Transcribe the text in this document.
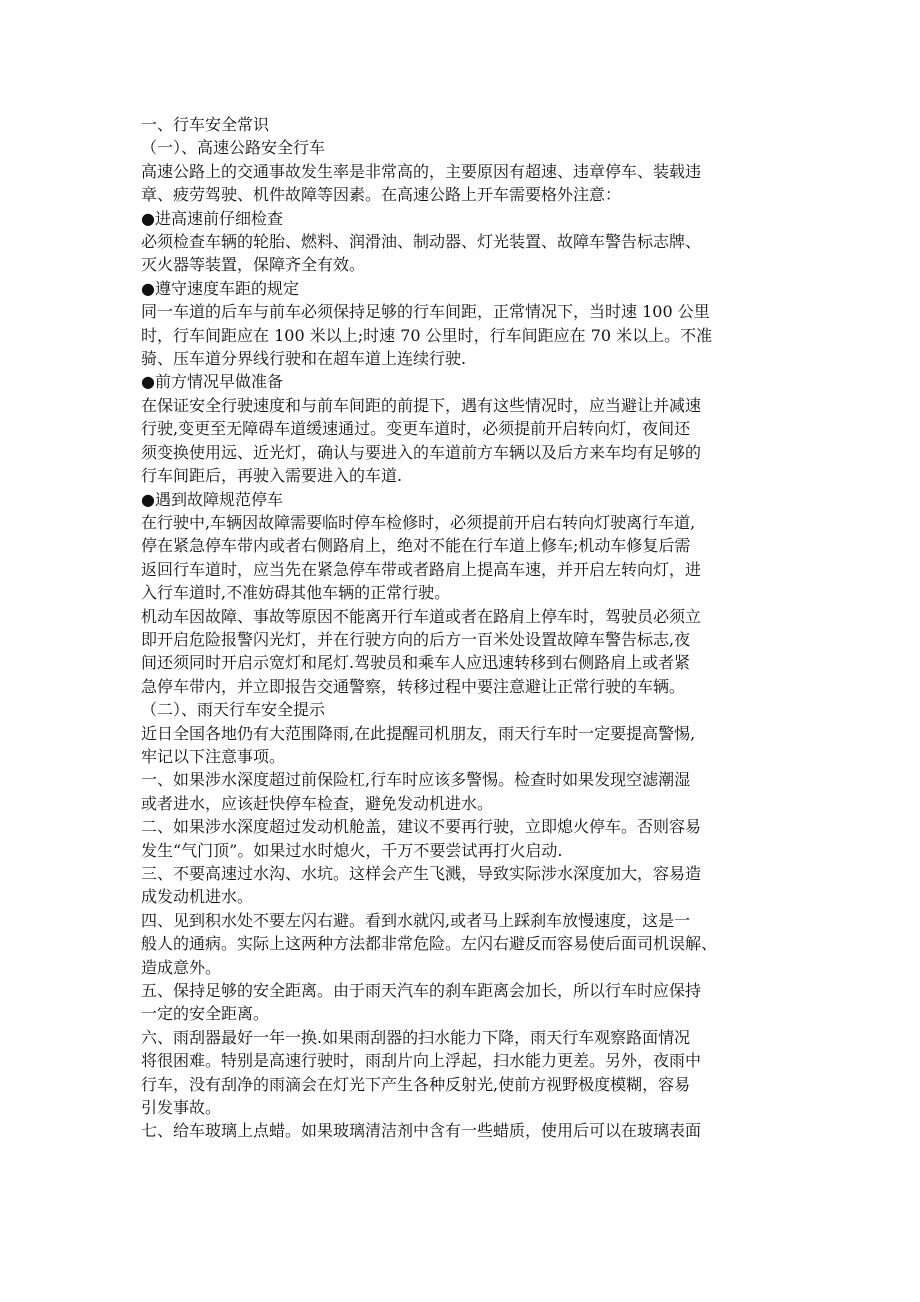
一、行车安全常识
（一）、高速公路安全行车
高速公路上的交通事故发生率是非常高的，主要原因有超速、违章停车、装载违
章、疲劳驾驶、机件故障等因素。在高速公路上开车需要格外注意：
●进高速前仔细检查
必须检查车辆的轮胎、燃料、润滑油、制动器、灯光装置、故障车警告标志牌、
灭火器等装置，保障齐全有效。
●遵守速度车距的规定
同一车道的后车与前车必须保持足够的行车间距，正常情况下，当时速 100 公里
时，行车间距应在 100 米以上;时速 70 公里时，行车间距应在 70 米以上。不准
骑、压车道分界线行驶和在超车道上连续行驶.
●前方情况早做准备
在保证安全行驶速度和与前车间距的前提下，遇有这些情况时，应当避让并减速
行驶,变更至无障碍车道缓速通过。变更车道时，必须提前开启转向灯，夜间还
须变换使用远、近光灯，确认与要进入的车道前方车辆以及后方来车均有足够的
行车间距后，再驶入需要进入的车道.
●遇到故障规范停车
在行驶中,车辆因故障需要临时停车检修时，必须提前开启右转向灯驶离行车道,
停在紧急停车带内或者右侧路肩上，绝对不能在行车道上修车;机动车修复后需
返回行车道时，应当先在紧急停车带或者路肩上提高车速，并开启左转向灯，进
入行车道时,不准妨碍其他车辆的正常行驶。
机动车因故障、事故等原因不能离开行车道或者在路肩上停车时，驾驶员必须立
即开启危险报警闪光灯，并在行驶方向的后方一百米处设置故障车警告标志,夜
间还须同时开启示宽灯和尾灯.驾驶员和乘车人应迅速转移到右侧路肩上或者紧
急停车带内，并立即报告交通警察，转移过程中要注意避让正常行驶的车辆。
（二）、雨天行车安全提示
近日全国各地仍有大范围降雨,在此提醒司机朋友，雨天行车时一定要提高警惕,
牢记以下注意事项。
一、如果涉水深度超过前保险杠,行车时应该多警惕。检查时如果发现空滤潮湿
或者进水，应该赶快停车检查，避免发动机进水。
二、如果涉水深度超过发动机舱盖，建议不要再行驶，立即熄火停车。否则容易
发生“气门顶”。如果过水时熄火，千万不要尝试再打火启动.
三、不要高速过水沟、水坑。这样会产生飞溅，导致实际涉水深度加大，容易造
成发动机进水。
四、见到积水处不要左闪右避。看到水就闪,或者马上踩刹车放慢速度，这是一
般人的通病。实际上这两种方法都非常危险。左闪右避反而容易使后面司机误解、
造成意外。
五、保持足够的安全距离。由于雨天汽车的刹车距离会加长，所以行车时应保持
一定的安全距离。
六、雨刮器最好一年一换.如果雨刮器的扫水能力下降，雨天行车观察路面情况
将很困难。特别是高速行驶时，雨刮片向上浮起，扫水能力更差。另外，夜雨中
行车，没有刮净的雨滴会在灯光下产生各种反射光,使前方视野极度模糊，容易
引发事故。
七、给车玻璃上点蜡。如果玻璃清洁剂中含有一些蜡质，使用后可以在玻璃表面
